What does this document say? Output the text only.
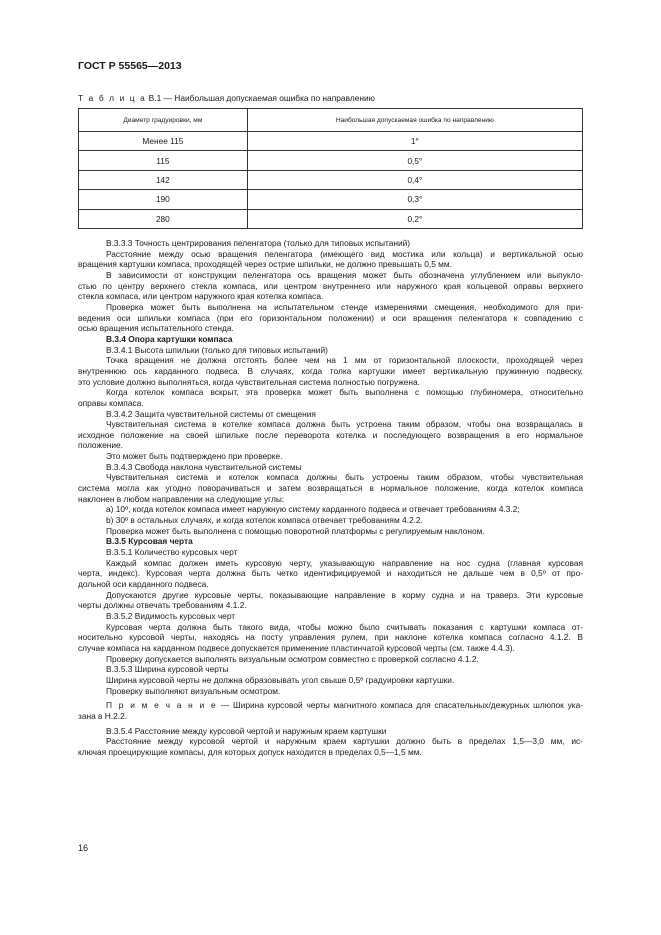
ГОСТ Р 55565—2013
Т а б л и ц а В.1 — Наибольшая допускаемая ошибка по направлению
Диаметр градуировки, мм	Наибольшая допускаемая ошибка по направлению
Менее 115	1°
115	0,5°
142	0,4°
190	0,3°
280	0,2°

В.3.3.3 Точность центрирования пеленгатора (только для типовых испытаний)

Расстояние между осью вращения пеленгатора (имеющего вид мостика или кольца) и вертикальной осью

вращения картушки компаса, проходящей через острие шпильки, не должно превышать 0,5 мм.

В зависимости от конструкции пеленгатора ось вращения может быть обозначена углублением или выпукло-

стью по центру верхнего стекла компаса, или центром внутреннего или наружного края кольцевой оправы верхнего

стекла компаса, или центром наружного края котелка компаса.

Проверка может быть выполнена на испытательном стенде измерениями смещения, необходимого для при-

ведения оси шпильки компаса (при его горизонтальном положении) и оси вращения пеленгатора к совпадению с

осью вращения испытательного стенда.

В.3.4 Опора картушки компаса

В.3.4.1 Высота шпильки (только для типовых испытаний)

Точка вращения не должна отстоять более чем на 1 мм от горизонтальной плоскости, проходящей через

внутреннюю ось карданного подвеса. В случаях, когда толка картушки имеет вертикальную пружинную подвеску,

это условие должно выполняться, когда чувствительная система полностью погружена.

Когда котелок компаса вскрыт, эта проверка может быть выполнена с помощью глубиномера, относительно

оправы компаса.

В.3.4.2 Защита чувствительной системы от смещения

Чувствительная система в котелке компаса должна быть устроена таким образом, чтобы она возвращалась в

исходное положение на своей шпильке после переворота котелка и последующего возвращения в его нормальное

положение.

Это может быть подтверждено при проверке.

В.3.4.3 Свобода наклона чувствительной системы

Чувствительная система и котелок компаса должны быть устроены таким образом, чтобы чувствительная

система могла как угодно поворачиваться и затем возвращаться в нормальное положение, когда котелок компаса

наклонен в любом направлении на следующие углы:

a) 10º, когда котелок компаса имеет наружную систему карданного подвеса и отвечает требованиям 4.3.2;

b) 30º в остальных случаях, и когда котелок компаса отвечает требованиям 4.2.2.

Проверка может быть выполнена с помощью поворотной платформы с регулируемым наклоном.

В.3.5 Курсовая черта

В.3.5.1 Количество курсовых черт

Каждый компас должен иметь курсовую черту, указывающую направление на нос судна (главная курсовая

черта, индекс). Курсовая черта должна быть четко идентифицируемой и находиться не дальше чем в 0,5º от про-

дольной оси карданного подвеса.

Допускаются другие курсовые черты, показывающие направление в корму судна и на траверз. Эти курсовые

черты должны отвечать требованиям 4.1.2.

В.3.5.2 Видимость курсовых черт

Курсовая черта должна быть такого вида, чтобы можно было считывать показания с картушки компаса от-

носительно курсовой черты, находясь на посту управления рулем, при наклоне котелка компаса согласно 4.1.2. В

случае компаса на карданном подвесе допускается применение пластинчатой курсовой черты (см. также 4.4.3).

Проверку допускается выполнять визуальным осмотром совместно с проверкой согласно 4.1.2.

В.3.5.3 Ширина курсовой черты

Ширина курсовой черты не должна образовывать угол свыше 0,5º градуировки картушки.

Проверку выполняют визуальным осмотром.

П р и м е ч а н и е — Ширина курсовой черты магнитного компаса для спасательных/дежурных шлюпок ука-

зана в Н.2.2.

В.3.5.4 Расстояние между курсовой чертой и наружным краем картушки

Расстояние между курсовой чертой и наружным краем картушки должно быть в пределах 1,5—3,0 мм, ис-

ключая проецирующие компасы, для которых допуск находится в пределах 0,5—1,5 мм.

16
